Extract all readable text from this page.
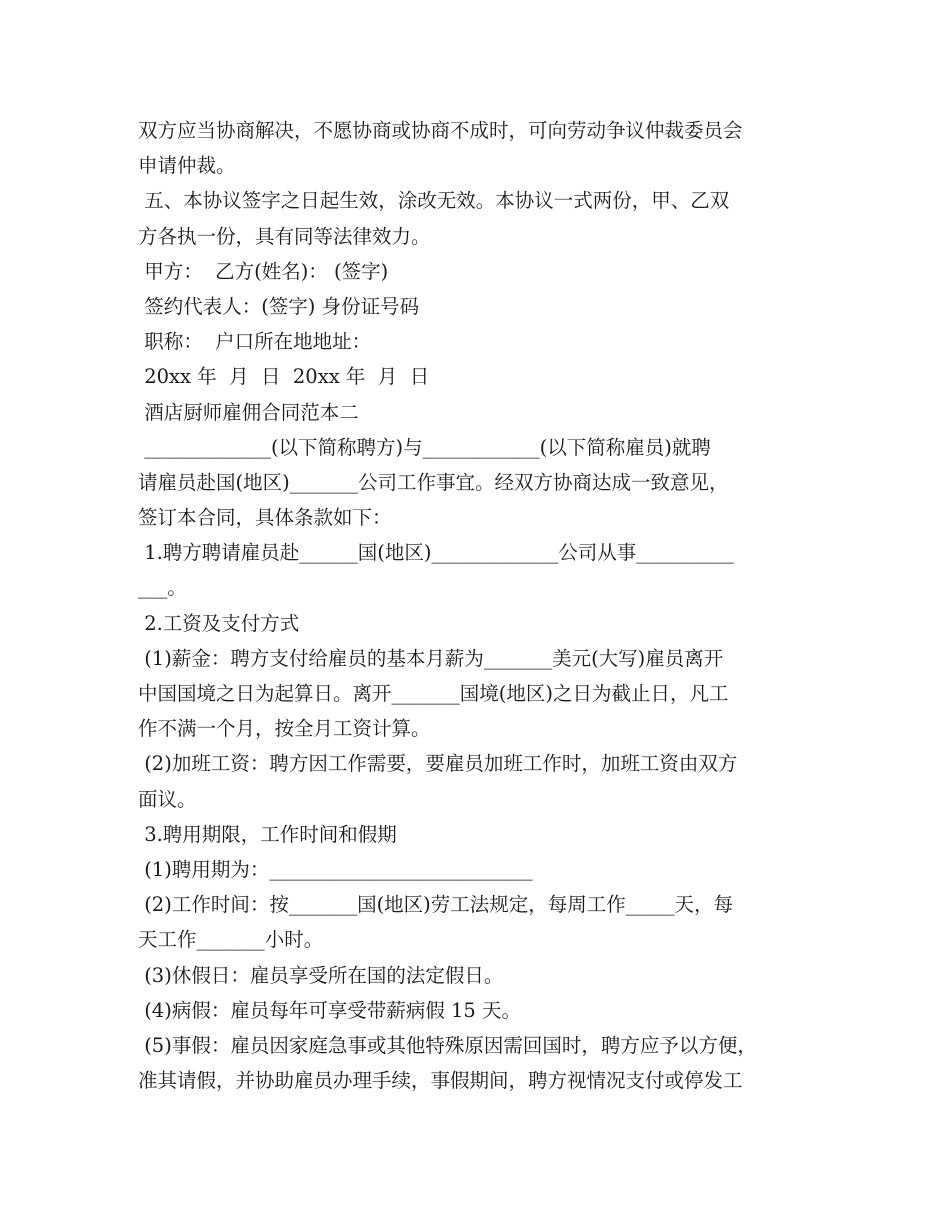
双方应当协商解决，不愿协商或协商不成时，可向劳动争议仲裁委员会
申请仲裁。
五、本协议签字之日起生效，涂改无效。本协议一式两份，甲、乙双
方各执一份，具有同等法律效力。
甲方：  乙方(姓名)： (签字)
签约代表人：(签字) 身份证号码
职称：  户口所在地地址：
20xx 年  月  日  20xx 年  月  日
酒店厨师雇佣合同范本二
_____________(以下简称聘方)与____________(以下简称雇员)就聘
请雇员赴国(地区)_______公司工作事宜。经双方协商达成一致意见，
签订本合同，具体条款如下：
1.聘方聘请雇员赴______国(地区)_____________公司从事__________
___。
2.工资及支付方式
(1)薪金：聘方支付给雇员的基本月薪为_______美元(大写)雇员离开
中国国境之日为起算日。离开_______国境(地区)之日为截止日，凡工
作不满一个月，按全月工资计算。
(2)加班工资：聘方因工作需要，要雇员加班工作时，加班工资由双方
面议。
3.聘用期限，工作时间和假期
(1)聘用期为：___________________________
(2)工作时间：按_______国(地区)劳工法规定，每周工作_____天，每
天工作_______小时。
(3)休假日：雇员享受所在国的法定假日。
(4)病假：雇员每年可享受带薪病假 15 天。
(5)事假：雇员因家庭急事或其他特殊原因需回国时，聘方应予以方便，
准其请假，并协助雇员办理手续，事假期间，聘方视情况支付或停发工
